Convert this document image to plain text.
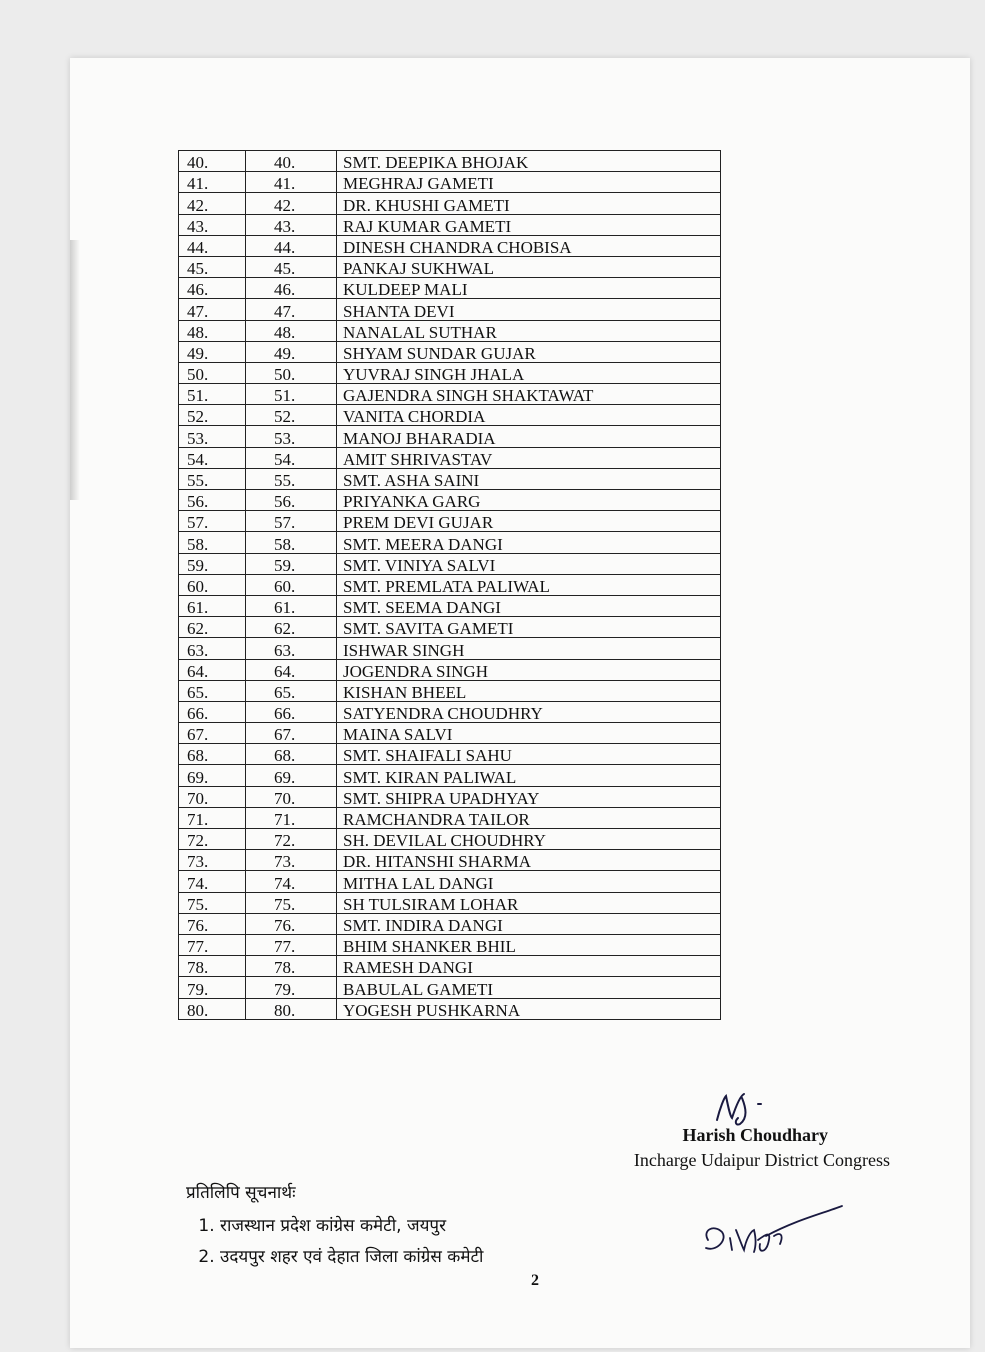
40.	40.	SMT. DEEPIKA BHOJAK
41.	41.	MEGHRAJ GAMETI
42.	42.	DR. KHUSHI GAMETI
43.	43.	RAJ KUMAR GAMETI
44.	44.	DINESH CHANDRA CHOBISA
45.	45.	PANKAJ SUKHWAL
46.	46.	KULDEEP MALI
47.	47.	SHANTA DEVI
48.	48.	NANALAL SUTHAR
49.	49.	SHYAM SUNDAR GUJAR
50.	50.	YUVRAJ SINGH JHALA
51.	51.	GAJENDRA SINGH SHAKTAWAT
52.	52.	VANITA CHORDIA
53.	53.	MANOJ BHARADIA
54.	54.	AMIT SHRIVASTAV
55.	55.	SMT. ASHA SAINI
56.	56.	PRIYANKA GARG
57.	57.	PREM DEVI GUJAR
58.	58.	SMT. MEERA DANGI
59.	59.	SMT. VINIYA SALVI
60.	60.	SMT. PREMLATA PALIWAL
61.	61.	SMT. SEEMA DANGI
62.	62.	SMT. SAVITA GAMETI
63.	63.	ISHWAR SINGH
64.	64.	JOGENDRA SINGH
65.	65.	KISHAN BHEEL
66.	66.	SATYENDRA CHOUDHRY
67.	67.	MAINA SALVI
68.	68.	SMT. SHAIFALI SAHU
69.	69.	SMT. KIRAN PALIWAL
70.	70.	SMT. SHIPRA UPADHYAY
71.	71.	RAMCHANDRA TAILOR
72.	72.	SH. DEVILAL CHOUDHRY
73.	73.	DR. HITANSHI SHARMA
74.	74.	MITHA LAL DANGI
75.	75.	SH TULSIRAM LOHAR
76.	76.	SMT. INDIRA DANGI
77.	77.	BHIM SHANKER BHIL
78.	78.	RAMESH DANGI
79.	79.	BABULAL GAMETI
80.	80.	YOGESH PUSHKARNA
Harish Choudhary
Incharge Udaipur District Congress
प्रतिलिपि सूचनार्थः
1. राजस्थान प्रदेश कांग्रेस कमेटी, जयपुर
2. उदयपुर शहर एवं देहात जिला कांग्रेस कमेटी
2
